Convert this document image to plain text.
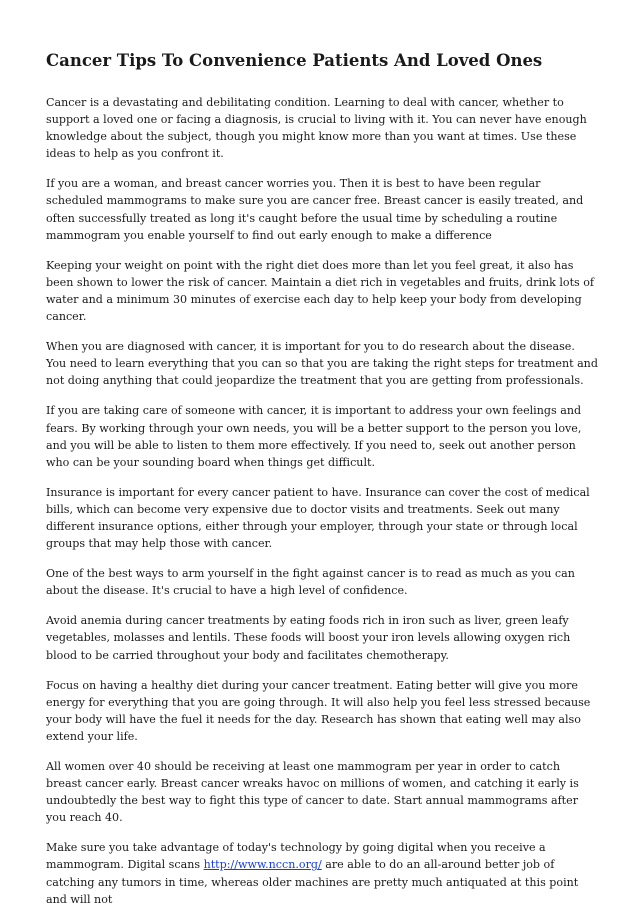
Cancer Tips To Convenience Patients And Loved Ones

Cancer is a devastating and debilitating condition. Learning to deal with cancer, whether to support a loved one or facing a diagnosis, is crucial to living with it. You can never have enough knowledge about the subject, though you might know more than you want at times. Use these ideas to help as you confront it.

If you are a woman, and breast cancer worries you. Then it is best to have been regular scheduled mammograms to make sure you are cancer free. Breast cancer is easily treated, and often successfully treated as long it's caught before the usual time by scheduling a routine mammogram you enable yourself to find out early enough to make a difference

Keeping your weight on point with the right diet does more than let you feel great, it also has been shown to lower the risk of cancer. Maintain a diet rich in vegetables and fruits, drink lots of water and a minimum 30 minutes of exercise each day to help keep your body from developing cancer.

When you are diagnosed with cancer, it is important for you to do research about the disease. You need to learn everything that you can so that you are taking the right steps for treatment and not doing anything that could jeopardize the treatment that you are getting from professionals.

If you are taking care of someone with cancer, it is important to address your own feelings and fears. By working through your own needs, you will be a better support to the person you love, and you will be able to listen to them more effectively. If you need to, seek out another person who can be your sounding board when things get difficult.

Insurance is important for every cancer patient to have. Insurance can cover the cost of medical bills, which can become very expensive due to doctor visits and treatments. Seek out many different insurance options, either through your employer, through your state or through local groups that may help those with cancer.

One of the best ways to arm yourself in the fight against cancer is to read as much as you can about the disease. It's crucial to have a high level of confidence.

Avoid anemia during cancer treatments by eating foods rich in iron such as liver, green leafy vegetables, molasses and lentils. These foods will boost your iron levels allowing oxygen rich blood to be carried throughout your body and facilitates chemotherapy.

Focus on having a healthy diet during your cancer treatment. Eating better will give you more energy for everything that you are going through. It will also help you feel less stressed because your body will have the fuel it needs for the day. Research has shown that eating well may also extend your life.

All women over 40 should be receiving at least one mammogram per year in order to catch breast cancer early. Breast cancer wreaks havoc on millions of women, and catching it early is undoubtedly the best way to fight this type of cancer to date. Start annual mammograms after you reach 40.

Make sure you take advantage of today's technology by going digital when you receive a mammogram. Digital scans http://www.nccn.org/ are able to do an all-around better job of catching any tumors in time, whereas older machines are pretty much antiquated at this point and will not
